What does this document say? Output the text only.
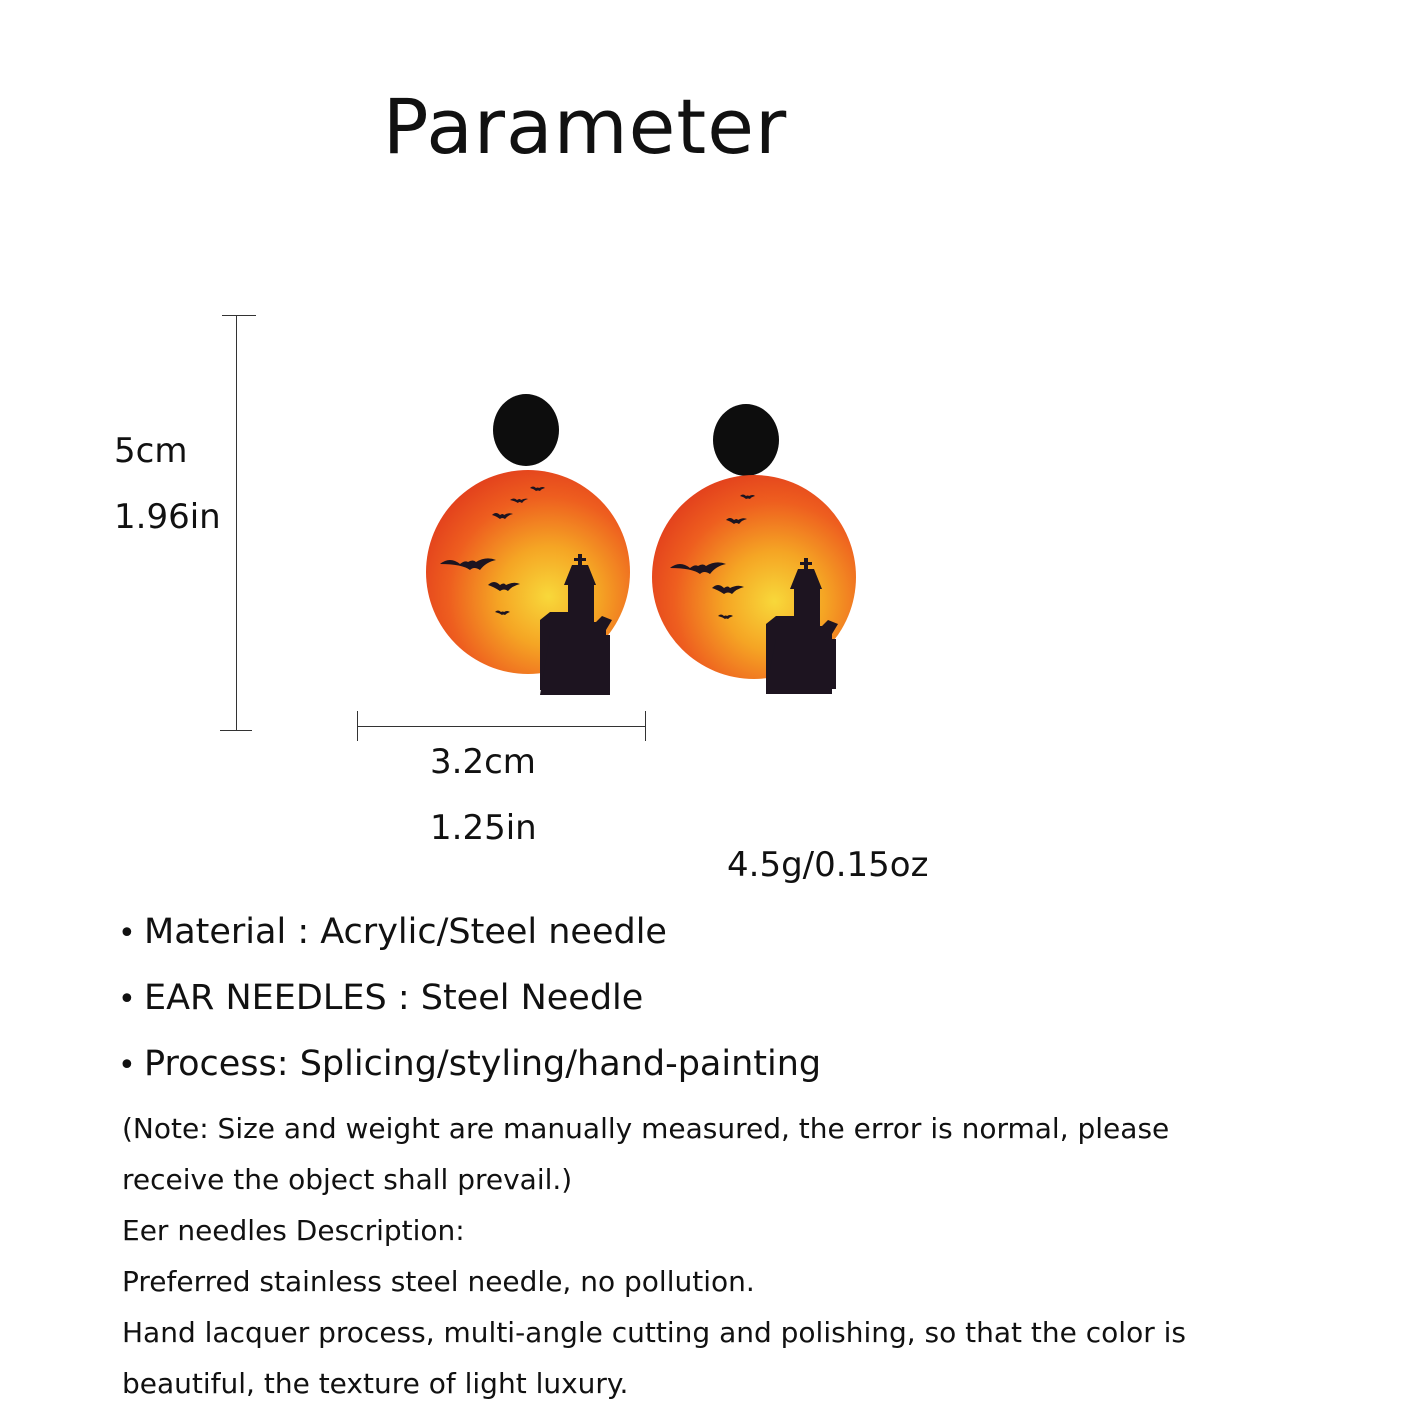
Parameter
5cm
1.96in
3.2cm
1.25in
4.5g/0.15oz
• Material : Acrylic/Steel needle
• EAR NEEDLES : Steel Needle
• Process: Splicing/styling/hand-painting
(Note: Size and weight are manually measured, the error is normal, please
receive the object shall prevail.)
Eer needles Description:
Preferred stainless steel needle, no pollution.
Hand lacquer process, multi-angle cutting and polishing, so that the color is
beautiful, the texture of light luxury.
